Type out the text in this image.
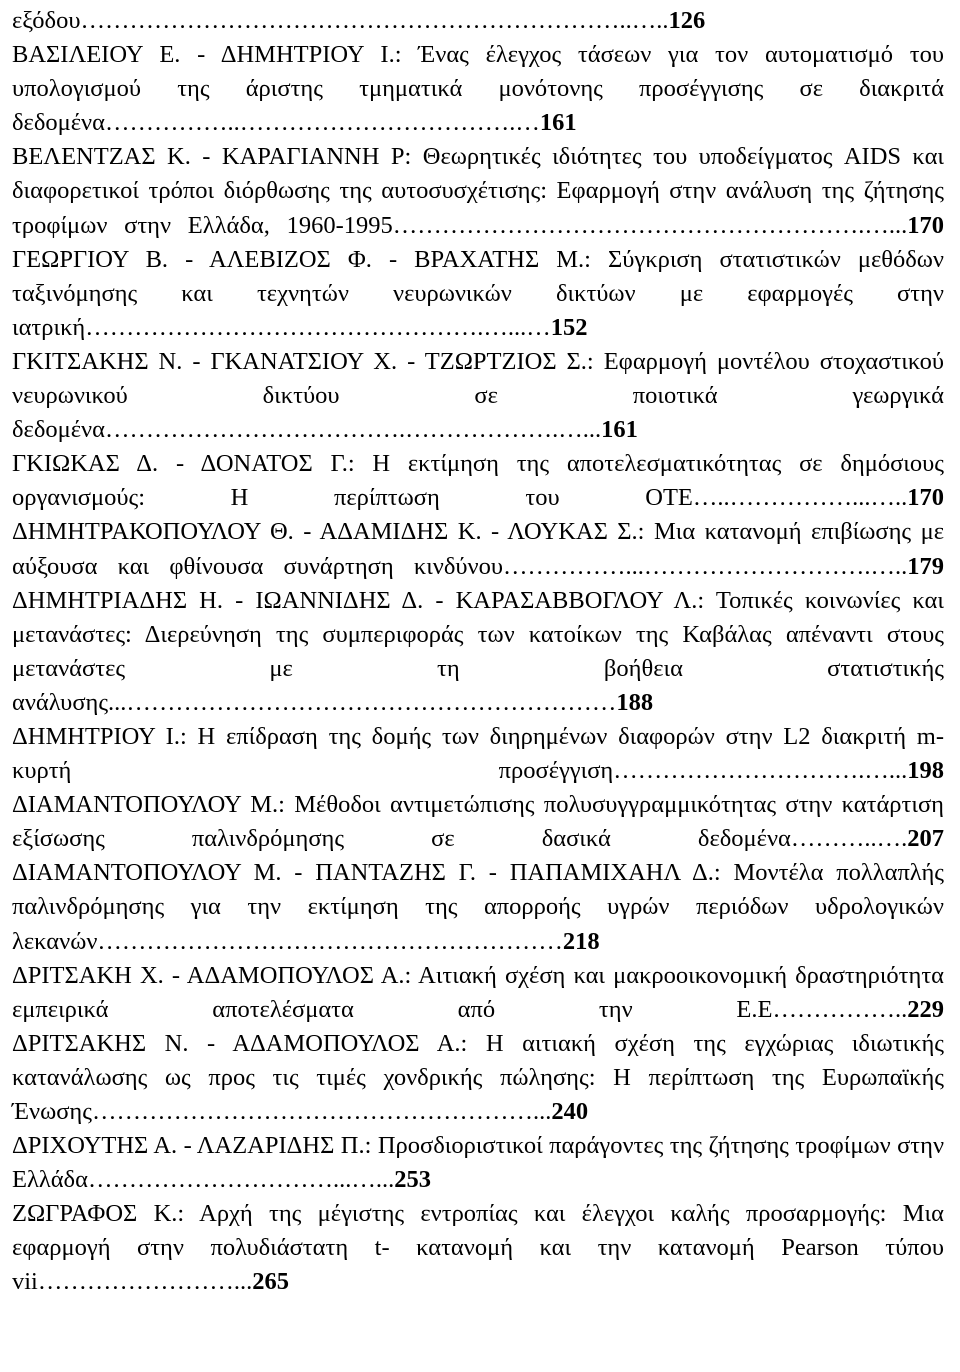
εξόδου…………………………………………………………..…..126

ΒΑΣΙΛΕΙΟΥ Ε. - ΔΗΜΗΤΡΙΟΥ Ι.: Ένας έλεγχος τάσεων για τον αυτοματισμό του υπολογισμού της άριστης τμηματικά μονότονης προσέγγισης σε διακριτά δεδομένα……………..…………………………….…161

ΒΕΛΕΝΤΖΑΣ Κ. - ΚΑΡΑΓΙΑΝΝΗ Ρ: Θεωρητικές ιδιότητες του υποδείγματος AIDS και διαφορετικοί τρόποι διόρθωσης της αυτοσυσχέτισης: Εφαρμογή στην ανάλυση της ζήτησης τροφίμων στην Ελλάδα, 1960-1995………………………………………………….…...170

ΓΕΩΡΓΙΟΥ Β. - ΑΛΕΒΙΖΟΣ Φ. - ΒΡΑΧΑΤΗΣ Μ.: Σύγκριση στατιστικών μεθόδων ταξινόμησης και τεχνητών νευρωνικών δικτύων με εφαρμογές στην ιατρική………………………………………….…...…152

ΓΚΙΤΣΑΚΗΣ Ν. - ΓΚΑΝΑΤΣΙΟΥ Χ. - ΤΖΩΡΤΖΙΟΣ Σ.: Εφαρμογή μοντέλου στοχαστικού νευρωνικού δικτύου σε ποιοτικά γεωργικά δεδομένα……………………………….……………….…...161

ΓΚΙΩΚΑΣ Δ. - ΔΟΝΑΤΟΣ Γ.: Η εκτίμηση της αποτελεσματικότητας σε δημόσιους οργανισμούς: Η περίπτωση του ΟΤΕ…..……………...…..170

ΔΗΜΗΤΡΑΚΟΠΟΥΛΟΥ Θ. - ΑΔΑΜΙΔΗΣ Κ. - ΛΟΥΚΑΣ Σ.: Μια κατανομή επιβίωσης με αύξουσα και φθίνουσα συνάρτηση κινδύνου……………...……………………….…..179

ΔΗΜΗΤΡΙΑΔΗΣ Η. - ΙΩΑΝΝΙΔΗΣ Δ. - ΚΑΡΑΣΑΒΒΟΓΛΟΥ Λ.: Τοπικές κοινωνίες και μετανάστες: Διερεύνηση της συμπεριφοράς των κατοίκων της Καβάλας απέναντι στους μετανάστες με τη βοήθεια στατιστικής ανάλυσης...……………………………………………………188

ΔΗΜΗΤΡΙΟΥ Ι.: Η επίδραση της δομής των διηρημένων διαφορών στην L2 διακριτή m-κυρτή προσέγγιση………………………….…...198

ΔΙΑΜΑΝΤΟΠΟΥΛΟΥ Μ.: Μέθοδοι αντιμετώπισης πολυσυγγραμμικότητας στην κατάρτιση εξίσωσης παλινδρόμησης σε δασικά δεδομένα………..….207

ΔΙΑΜΑΝΤΟΠΟΥΛΟΥ Μ. - ΠΑΝΤΑΖΗΣ Γ. - ΠΑΠΑΜΙΧΑΗΛ Δ.: Μοντέλα πολλαπλής παλινδρόμησης για την εκτίμηση της απορροής υγρών περιόδων υδρολογικών λεκανών…………………………………………………218

ΔΡΙΤΣΑΚΗ Χ. - ΑΔΑΜΟΠΟΥΛΟΣ Α.: Αιτιακή σχέση και μακροοικονομική δραστηριότητα εμπειρικά αποτελέσματα από την Ε.Ε……………..229

ΔΡΙΤΣΑΚΗΣ Ν. - ΑΔΑΜΟΠΟΥΛΟΣ Α.: Η αιτιακή σχέση της εγχώριας ιδιωτικής κατανάλωσης ως προς τις τιμές χονδρικής πώλησης: Η περίπτωση της Ευρωπαϊκής Ένωσης………………………………………………...240

ΔΡΙΧΟΥΤΗΣ Α. - ΛΑΖΑΡΙΔΗΣ Π.: Προσδιοριστικοί παράγοντες της ζήτησης τροφίμων στην Ελλάδα…………………………...…...253

ΖΩΓΡΑΦΟΣ Κ.: Αρχή της μέγιστης εντροπίας και έλεγχοι καλής προσαρμογής: Μια εφαρμογή στην πολυδιάστατη t- κατανομή και την κατανομή Pearson τύπου vii……………………...265
